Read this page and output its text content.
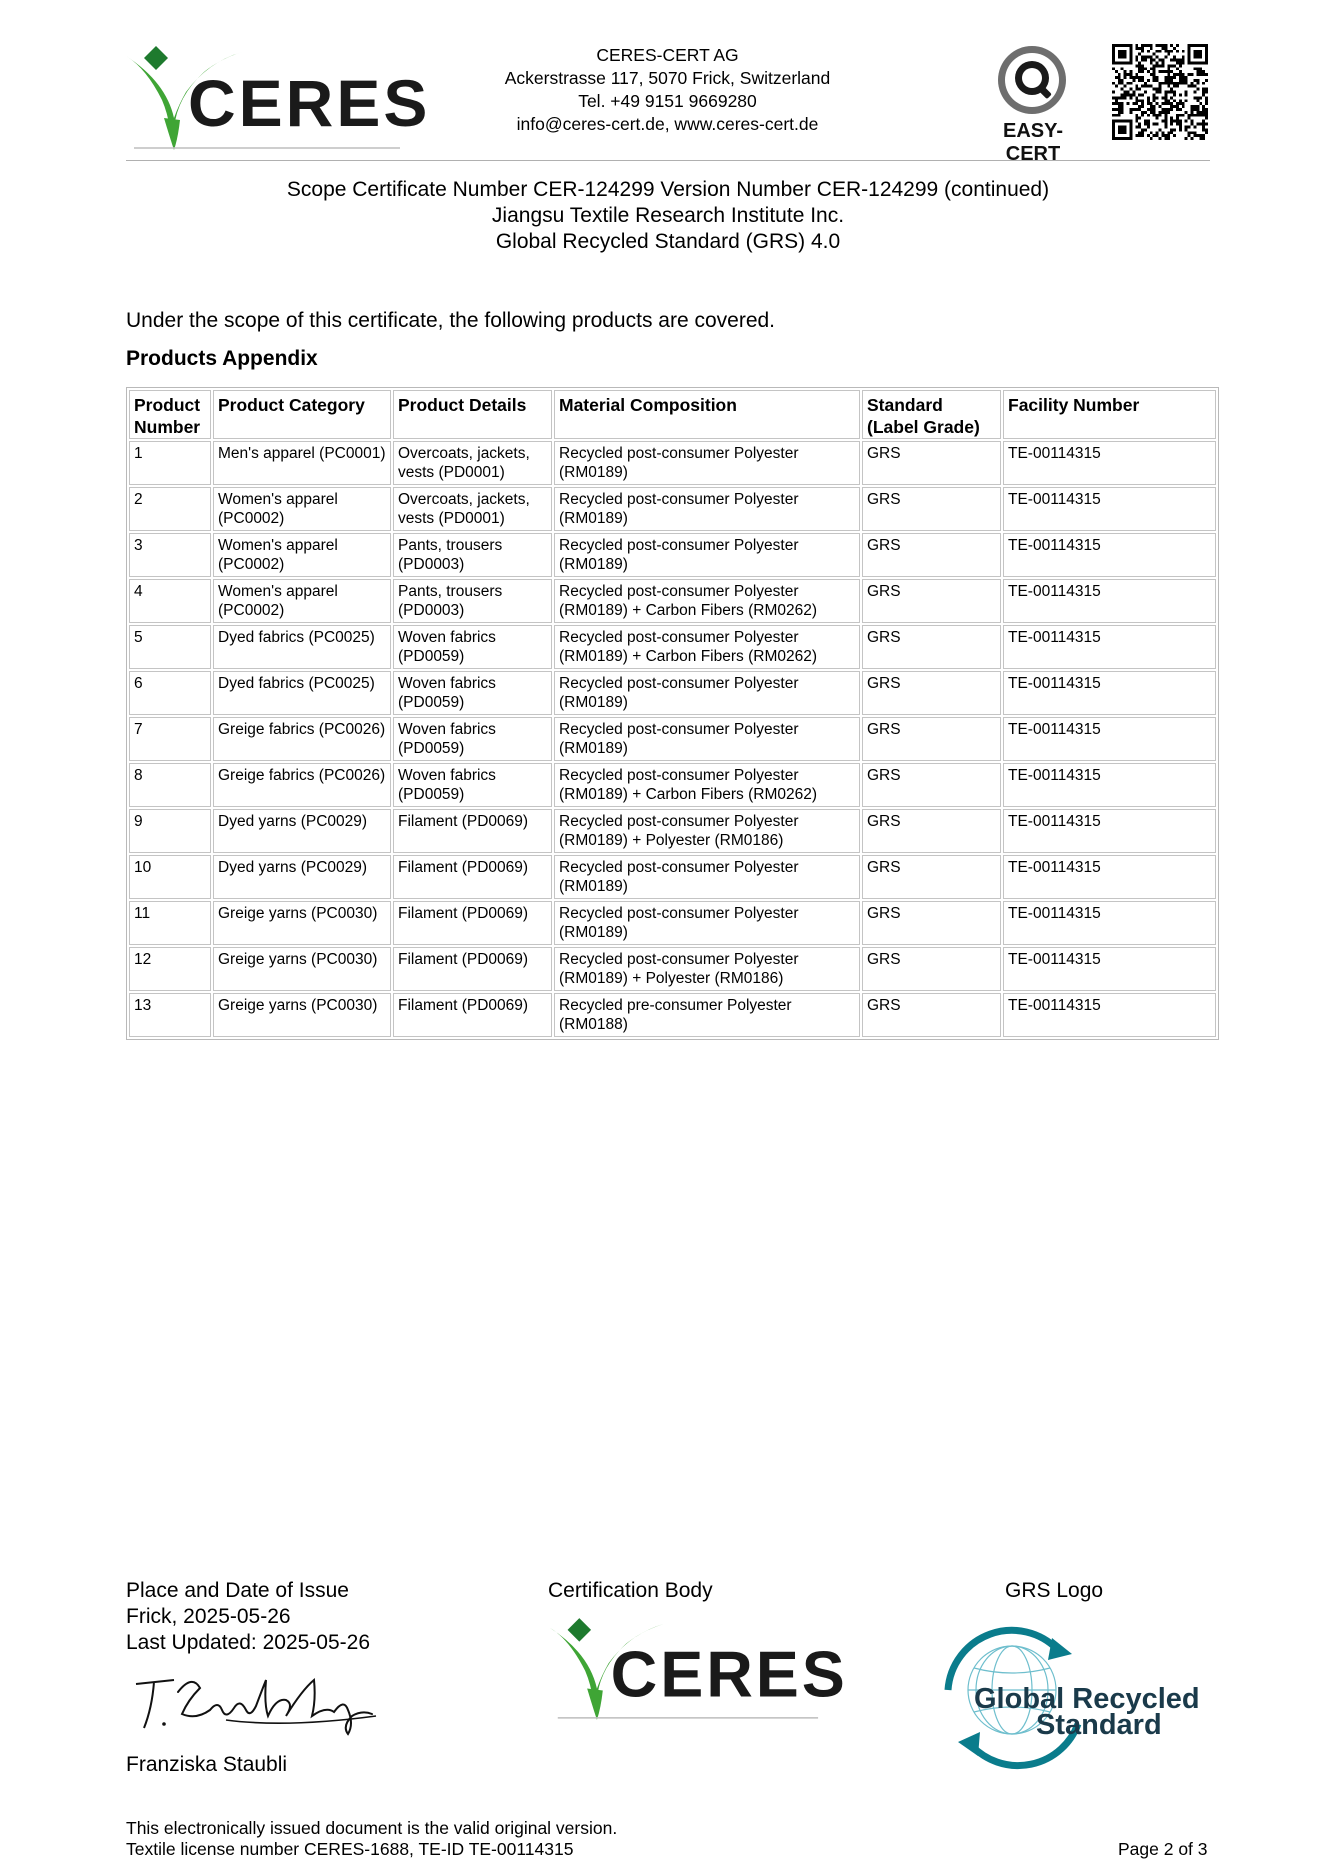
CERES
CERES-CERT AG
Ackerstrasse 117, 5070 Frick, Switzerland
Tel. +49 9151 9669280
info@ceres-cert.de, www.ceres-cert.de	EASY-CERT
Scope Certificate Number CER-124299 Version Number CER-124299 (continued)
Jiangsu Textile Research Institute Inc.
Global Recycled Standard (GRS) 4.0
Under the scope of this certificate, the following products are covered.
Products Appendix
Product Number	Product Category	Product Details	Material Composition	Standard (Label Grade)	Facility Number
1	Men's apparel (PC0001)	Overcoats, jackets, vests (PD0001)	Recycled post-consumer Polyester (RM0189)	GRS	TE-00114315
2	Women's apparel (PC0002)	Overcoats, jackets, vests (PD0001)	Recycled post-consumer Polyester (RM0189)	GRS	TE-00114315
3	Women's apparel (PC0002)	Pants, trousers (PD0003)	Recycled post-consumer Polyester (RM0189)	GRS	TE-00114315
4	Women's apparel (PC0002)	Pants, trousers (PD0003)	Recycled post-consumer Polyester (RM0189) + Carbon Fibers (RM0262)	GRS	TE-00114315
5	Dyed fabrics (PC0025)	Woven fabrics (PD0059)	Recycled post-consumer Polyester (RM0189) + Carbon Fibers (RM0262)	GRS	TE-00114315
6	Dyed fabrics (PC0025)	Woven fabrics (PD0059)	Recycled post-consumer Polyester (RM0189)	GRS	TE-00114315
7	Greige fabrics (PC0026)	Woven fabrics (PD0059)	Recycled post-consumer Polyester (RM0189)	GRS	TE-00114315
8	Greige fabrics (PC0026)	Woven fabrics (PD0059)	Recycled post-consumer Polyester (RM0189) + Carbon Fibers (RM0262)	GRS	TE-00114315
9	Dyed yarns (PC0029)	Filament (PD0069)	Recycled post-consumer Polyester (RM0189) + Polyester (RM0186)	GRS	TE-00114315
10	Dyed yarns (PC0029)	Filament (PD0069)	Recycled post-consumer Polyester (RM0189)	GRS	TE-00114315
11	Greige yarns (PC0030)	Filament (PD0069)	Recycled post-consumer Polyester (RM0189)	GRS	TE-00114315
12	Greige yarns (PC0030)	Filament (PD0069)	Recycled post-consumer Polyester (RM0189) + Polyester (RM0186)	GRS	TE-00114315
13	Greige yarns (PC0030)	Filament (PD0069)	Recycled pre-consumer Polyester (RM0188)	GRS	TE-00114315
Place and Date of Issue
Frick, 2025-05-26
Last Updated: 2025-05-26
Franziska Staubli
Certification Body
CERES
GRS Logo
Global Recycled
Standard
This electronically issued document is the valid original version.
Textile license number CERES-1688, TE-ID TE-00114315	Page 2 of 3
